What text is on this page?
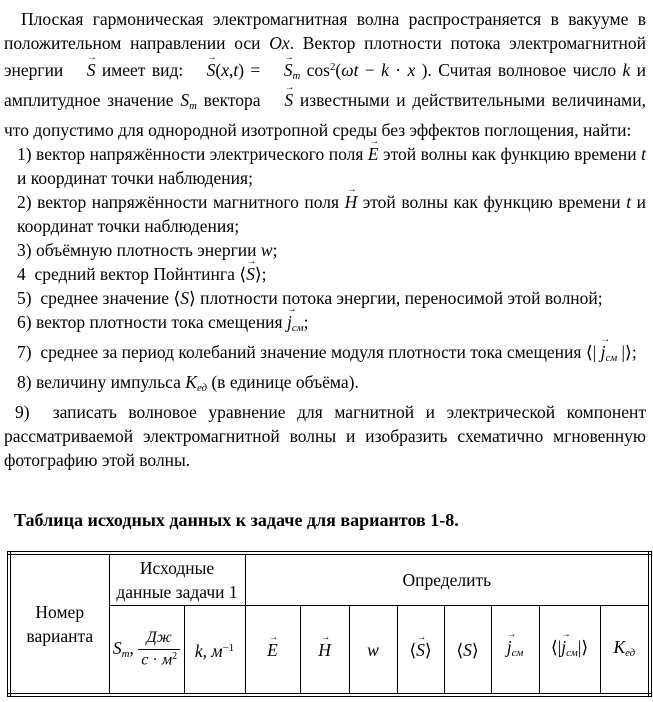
Плоская гармоническая электромагнитная волна распространяется в вакууме в положительном направлении оси Ox. Вектор плотности потока электромагнитной энергии S → имеет вид: S →(x,t) = S →m $\cos^2(\omega t - k \cdot x$ ). Считая волновое число k и амплитудное значение Sm вектора S → известными и действительными величинами, что допустимо для однородной изотропной среды без эффектов поглощения, найти:

1) вектор напряжённости электрического поля E → этой волны как функцию времени t и координат точки наблюдения;
2) вектор напряжённости магнитного поля H → этой волны как функцию времени t и координат точки наблюдения;
3) объёмную плотность энергии w;
4  средний вектор Пойнтинга ⟨S →⟩;
5)  среднее значение ⟨S⟩ плотности потока энергии, переносимой этой волной;
6) вектор плотности тока смещения j →см;
7)  среднее за период колебаний значение модуля плотности тока смещения ⟨| j →см |⟩;
8) величину импульса Kед (в единице объёма).
9)  записать волновое уравнение для магнитной и электрической компонент рассматриваемой электромагнитной волны и изобразить схематично мгновенную фотографию этой волны.
Таблица исходных данных к задаче для вариантов 1-8.
Номер варианта	Исходные данные задачи 1		Определить							
	Sm, $\frac{Дж}{с \cdot м^2}$	k, $м^{-1}$	E →	H →	w	⟨S →⟩	⟨S⟩	j →см	⟨|j →см|⟩	Kед
